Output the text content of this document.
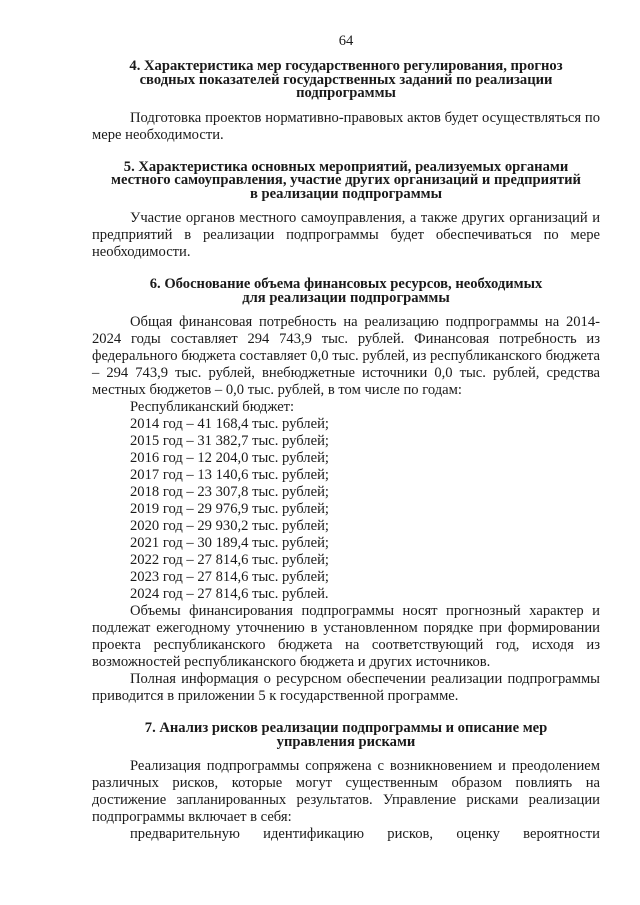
64
4. Характеристика мер государственного регулирования, прогноз
сводных показателей государственных заданий по реализации
подпрограммы

Подготовка проектов нормативно-правовых актов будет осуществляться по мере необходимости.

5. Характеристика основных мероприятий, реализуемых органами
местного самоуправления, участие других организаций и предприятий
в реализации подпрограммы

Участие органов местного самоуправления, а также других организаций и предприятий в реализации подпрограммы будет обеспечиваться по мере необходимости.

6. Обоснование объема финансовых ресурсов, необходимых
для реализации подпрограммы

Общая финансовая потребность на реализацию подпрограммы на 2014-2024 годы составляет 294 743,9 тыс. рублей. Финансовая потребность из федерального бюджета составляет 0,0 тыс. рублей, из республиканского бюджета – 294 743,9 тыс. рублей, внебюджетные источники 0,0 тыс. рублей, средства местных бюджетов – 0,0 тыс. рублей, в том числе по годам:

Республиканский бюджет:

2014 год – 41 168,4 тыс. рублей;

2015 год – 31 382,7 тыс. рублей;

2016 год – 12 204,0 тыс. рублей;

2017 год – 13 140,6 тыс. рублей;

2018 год – 23 307,8 тыс. рублей;

2019 год – 29 976,9 тыс. рублей;

2020 год – 29 930,2 тыс. рублей;

2021 год – 30 189,4 тыс. рублей;

2022 год – 27 814,6 тыс. рублей;

2023 год – 27 814,6 тыс. рублей;

2024 год – 27 814,6 тыс. рублей.

Объемы финансирования подпрограммы носят прогнозный характер и подлежат ежегодному уточнению в установленном порядке при формировании проекта республиканского бюджета на соответствующий год, исходя из возможностей республиканского бюджета и других источников.

Полная информация о ресурсном обеспечении реализации подпрограммы приводится в приложении 5 к государственной программе.

7. Анализ рисков реализации подпрограммы и описание мер
управления рисками

Реализация подпрограммы сопряжена с возникновением и преодолением различных рисков, которые могут существенным образом повлиять на достижение запланированных результатов. Управление рисками реализации подпрограммы включает в себя:

предварительную идентификацию рисков, оценку вероятности
